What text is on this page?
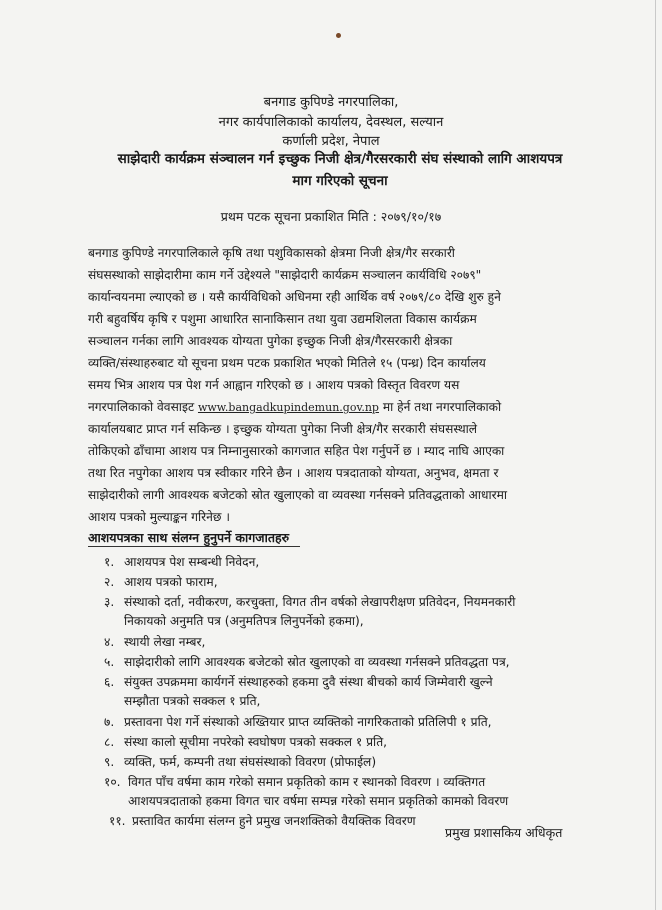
बनगाड कुपिण्डे नगरपालिका,
नगर कार्यपालिकाको कार्यालय, देवस्थल, सल्यान
कर्णाली प्रदेश, नेपाल
साझेदारी कार्यक्रम संञ्चालन गर्न इच्छुक निजी क्षेत्र/गैरसरकारी संघ संस्थाको लागि आशयपत्र
माग गरिएको सूचना
प्रथम पटक सूचना प्रकाशित मिति : २०७९/१०/१७
बनगाड कुपिण्डे नगरपालिकाले कृषि तथा पशुविकासको क्षेत्रमा निजी क्षेत्र/गैर सरकारी
संघसस्थाको साझेदारीमा काम गर्ने उद्देश्यले "साझेदारी कार्यक्रम सञ्चालन कार्यविधि २०७९"
कार्यान्वयनमा ल्याएको छ । यसै कार्यविधिको अधिनमा रही आर्थिक वर्ष २०७९/८० देखि शुरु हुने
गरी बहुवर्षिय कृषि र पशुमा आधारित सानाकिसान तथा युवा उद्यमशिलता विकास कार्यक्रम
सञ्चालन गर्नका लागि आवश्यक योग्यता पुगेका इच्छुक निजी क्षेत्र/गैरसरकारी क्षेत्रका
व्यक्ति/संस्थाहरुबाट यो सूचना प्रथम पटक प्रकाशित भएको मितिले १५ (पन्ध्र) दिन कार्यालय
समय भित्र आशय पत्र पेश गर्न आह्वान गरिएको छ । आशय पत्रको विस्तृत विवरण यस
नगरपालिकाको वेवसाइट www.bangadkupindemun.gov.np मा हेर्न तथा नगरपालिकाको
कार्यालयबाट प्राप्त गर्न सकिन्छ । इच्छुक योग्यता पुगेका निजी क्षेत्र/गैर सरकारी संघसस्थाले
तोकिएको ढाँचामा आशय पत्र निम्नानुसारको कागजात सहित पेश गर्नुपर्ने छ । म्याद नाघि आएका
तथा रित नपुगेका आशय पत्र स्वीकार गरिने छैन । आशय पत्रदाताको योग्यता, अनुभव, क्षमता र
साझेदारीको लागी आवश्यक बजेटको स्रोत खुलाएको वा व्यवस्था गर्नसक्ने प्रतिवद्धताको आधारमा
आशय पत्रको मुल्याङ्कन गरिनेछ ।
आशयपत्रका साथ संलग्न हुनुपर्ने कागजातहरु
१. आशयपत्र पेश सम्बन्धी निवेदन,
२. आशय पत्रको फाराम,
३. संस्थाको दर्ता, नवीकरण, करचुक्ता, विगत तीन वर्षको लेखापरीक्षण प्रतिवेदन, नियमनकारी
निकायको अनुमति पत्र (अनुमतिपत्र लिनुपर्नेको हकमा),
४. स्थायी लेखा नम्बर,
५. साझेदारीको लागि आवश्यक बजेटको स्रोत खुलाएको वा व्यवस्था गर्नसक्ने प्रतिवद्धता पत्र,
६. संयुक्त उपक्रममा कार्यगर्ने संस्थाहरुको हकमा दुवै संस्था बीचको कार्य जिम्मेवारी खुल्ने
सम्झौता पत्रको सक्कल १ प्रति,
७. प्रस्तावना पेश गर्ने संस्थाको अख्तियार प्राप्त व्यक्तिको नागरिकताको प्रतिलिपी १ प्रति,
८. संस्था कालो सूचीमा नपरेको स्वघोषण पत्रको सक्कल १ प्रति,
९. व्यक्ति, फर्म, कम्पनी तथा संघसंस्थाको विवरण (प्रोफाईल)
१०. विगत पाँच वर्षमा काम गरेको समान प्रकृतिको काम र स्थानको विवरण । व्यक्तिगत
आशयपत्रदाताको हकमा विगत चार वर्षमा सम्पन्न गरेको समान प्रकृतिको कामको विवरण
११. प्रस्तावित कार्यमा संलग्न हुने प्रमुख जनशक्तिको वैयक्तिक विवरण
प्रमुख प्रशासकिय अधिकृत
